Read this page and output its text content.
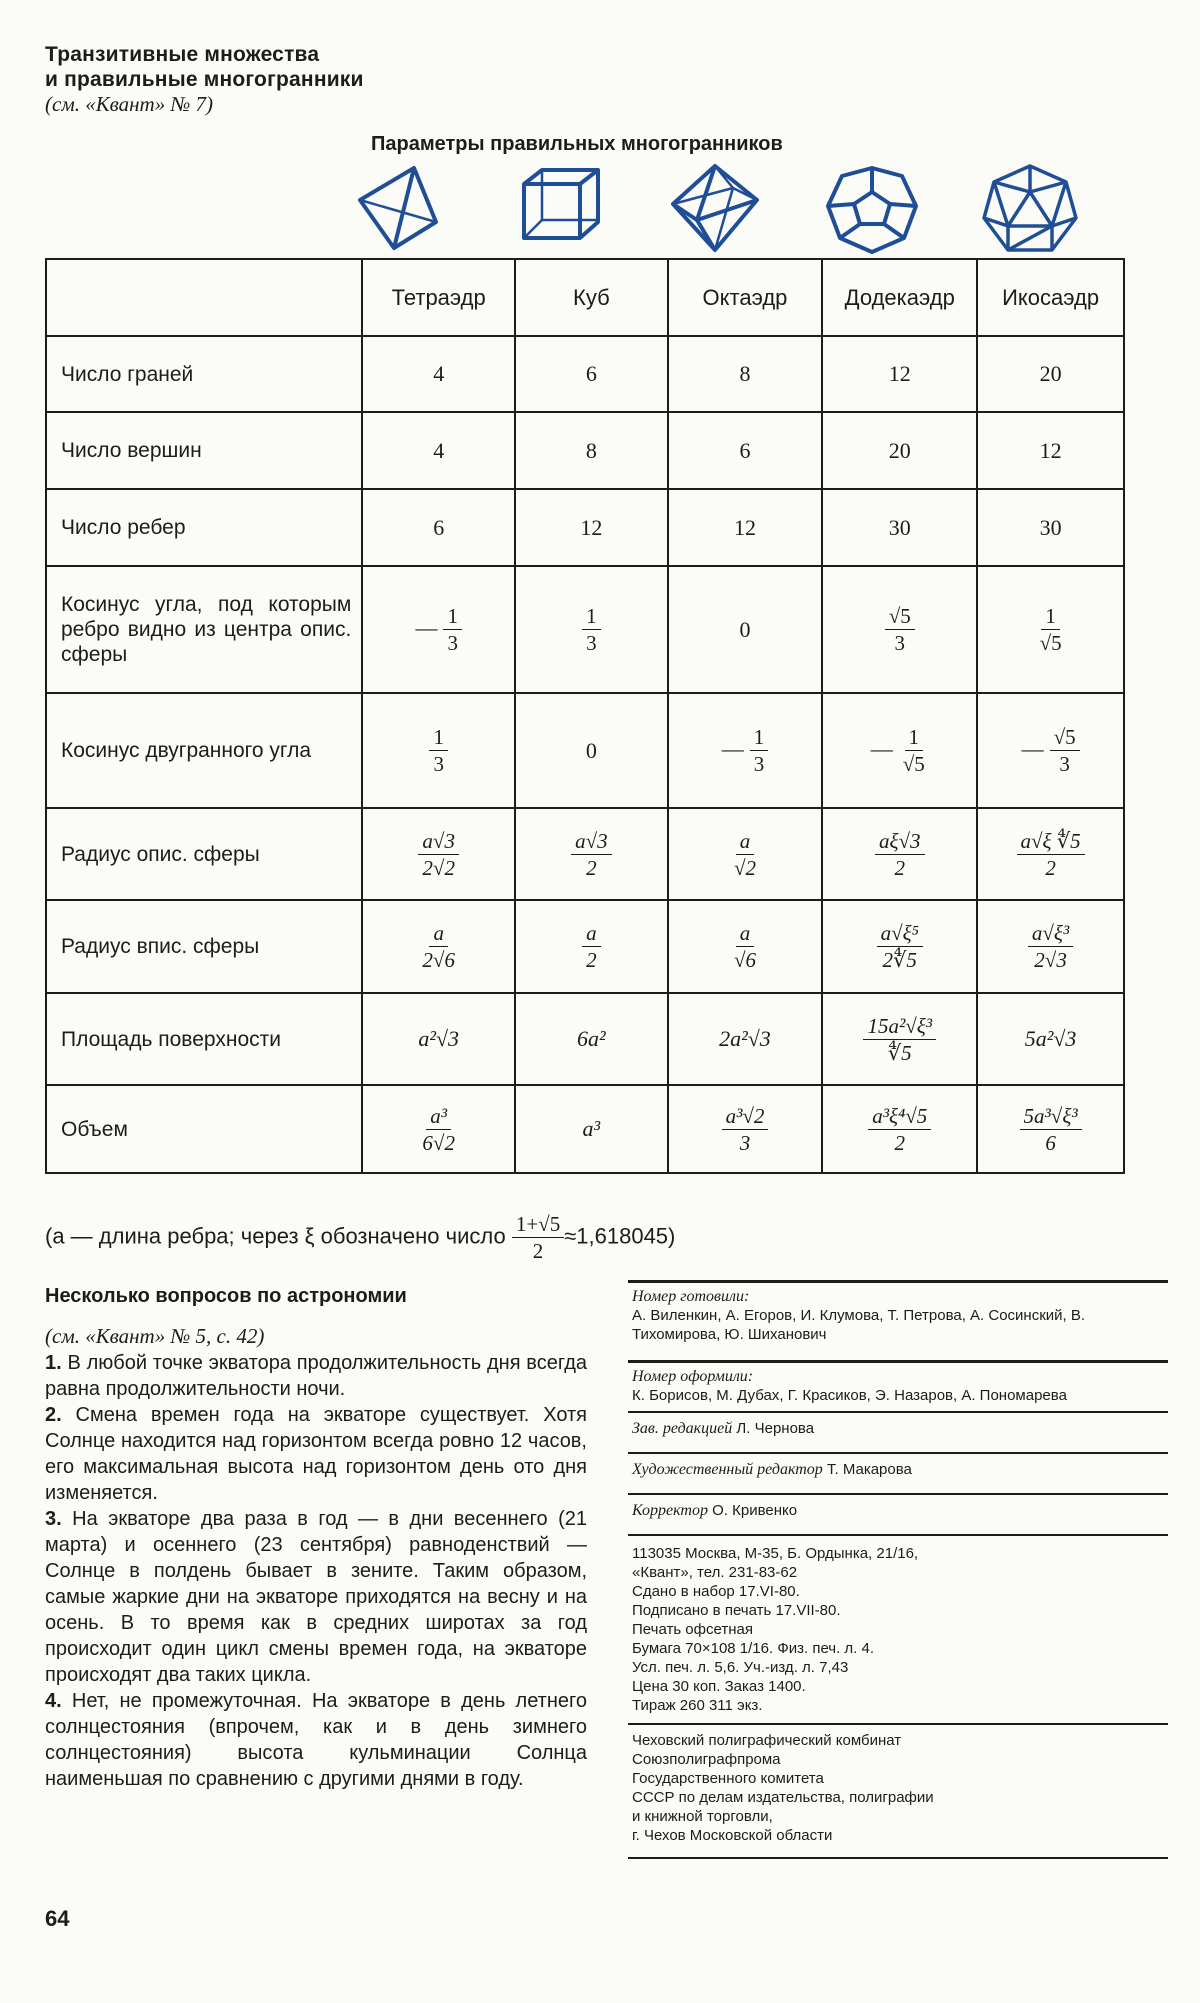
Транзитивные множества
и правильные многогранники
(см. «Квант» № 7)
Параметры правильных многогранников
	Тетраэдр	Куб	Октаэдр	Додекаэдр	Икосаэдр
Число граней	4	6	8	12	20
Число вершин	4	8	6	20	12
Число ребер	6	12	12	30	30
Косинус угла, под которым ребро видно из центра опис. сферы	— $\frac{1}{3}$	$\frac{1}{3}$	0	$\frac{√5}{3}$	$\frac{1}{√5}$

Косинус двугранного угла	$\frac{1}{3}$	0	— $\frac{1}{3}$	— $\frac{1}{√5}$	— $\frac{√5}{3}$

Радиус опис. сферы	$\frac{a√3}{2√2}$	$\frac{a√3}{2}$	$\frac{a}{√2}$	$\frac{a\xi√3}{2}$	$\frac{a√\xi ∜5}{2}$

Радиус впис. сферы	$\frac{a}{2√6}$	$\frac{a}{2}$	$\frac{a}{√6}$	$\frac{\text{a√ξ⁵}}{2∜5}$	$\frac{\text{a√ξ³}}{2√3}$

Площадь поверхности	a²√3	6a²	2a²√3	$\frac{\text{15a²√ξ³}}{∜5}$	5a²√3
Объем	$\frac{\text{a³}}{6√2}$	a³	$\frac{\text{a³√2}}{3}$	$\frac{\text{a³ξ⁴√5}}{2}$	$\frac{\text{5a³√ξ³}}{6}$
(a — длина ребра; через ξ обозначено число $\frac{1+√5}{2} \approx 1,618045$)
Несколько вопросов по астрономии
(см. «Квант» № 5, с. 42)

1. В любой точке экватора продолжительность дня всегда равна продолжительности ночи.

2. Смена времен года на экваторе существует. Хотя Солнце находится над горизонтом всегда ровно 12 часов, его максимальная высота над горизонтом день ото дня изменяется.

3. На экваторе два раза в год — в дни весеннего (21 марта) и осеннего (23 сентября) равноденствий — Солнце в полдень бывает в зените. Таким образом, самые жаркие дни на экваторе приходятся на весну и на осень. В то время как в средних широтах за год происходит один цикл смены времен года, на экваторе происходят два таких цикла.

4. Нет, не промежуточная. На экваторе в день летнего солнцестояния (впрочем, как и в день зимнего солнцестояния) высота кульминации Солнца наименьшая по сравнению с другими днями в году.

Номер готовили:
А. Виленкин, А. Егоров, И. Клумова, Т. Петрова, А. Сосинский, В. Тихомирова, Ю. Шиханович
Номер оформили:
К. Борисов, М. Дубах, Г. Красиков, Э. Назаров, А. Пономарева
Зав. редакцией Л. Чернова
Художественный редактор Т. Макарова
Корректор О. Кривенко
113035 Москва, М-35, Б. Ордынка, 21/16,
«Квант», тел. 231-83-62
Сдано в набор 17.VI-80.
Подписано в печать 17.VII-80.
Печать офсетная
Бумага 70×108 1/16. Физ. печ. л. 4.
Усл. печ. л. 5,6. Уч.-изд. л. 7,43
Цена 30 коп. Заказ 1400.
Тираж 260 311 экз.
Чеховский полиграфический комбинат
Союзполиграфпрома
Государственного комитета
СССР по делам издательства, полиграфии
и книжной торговли,
г. Чехов Московской области
64
